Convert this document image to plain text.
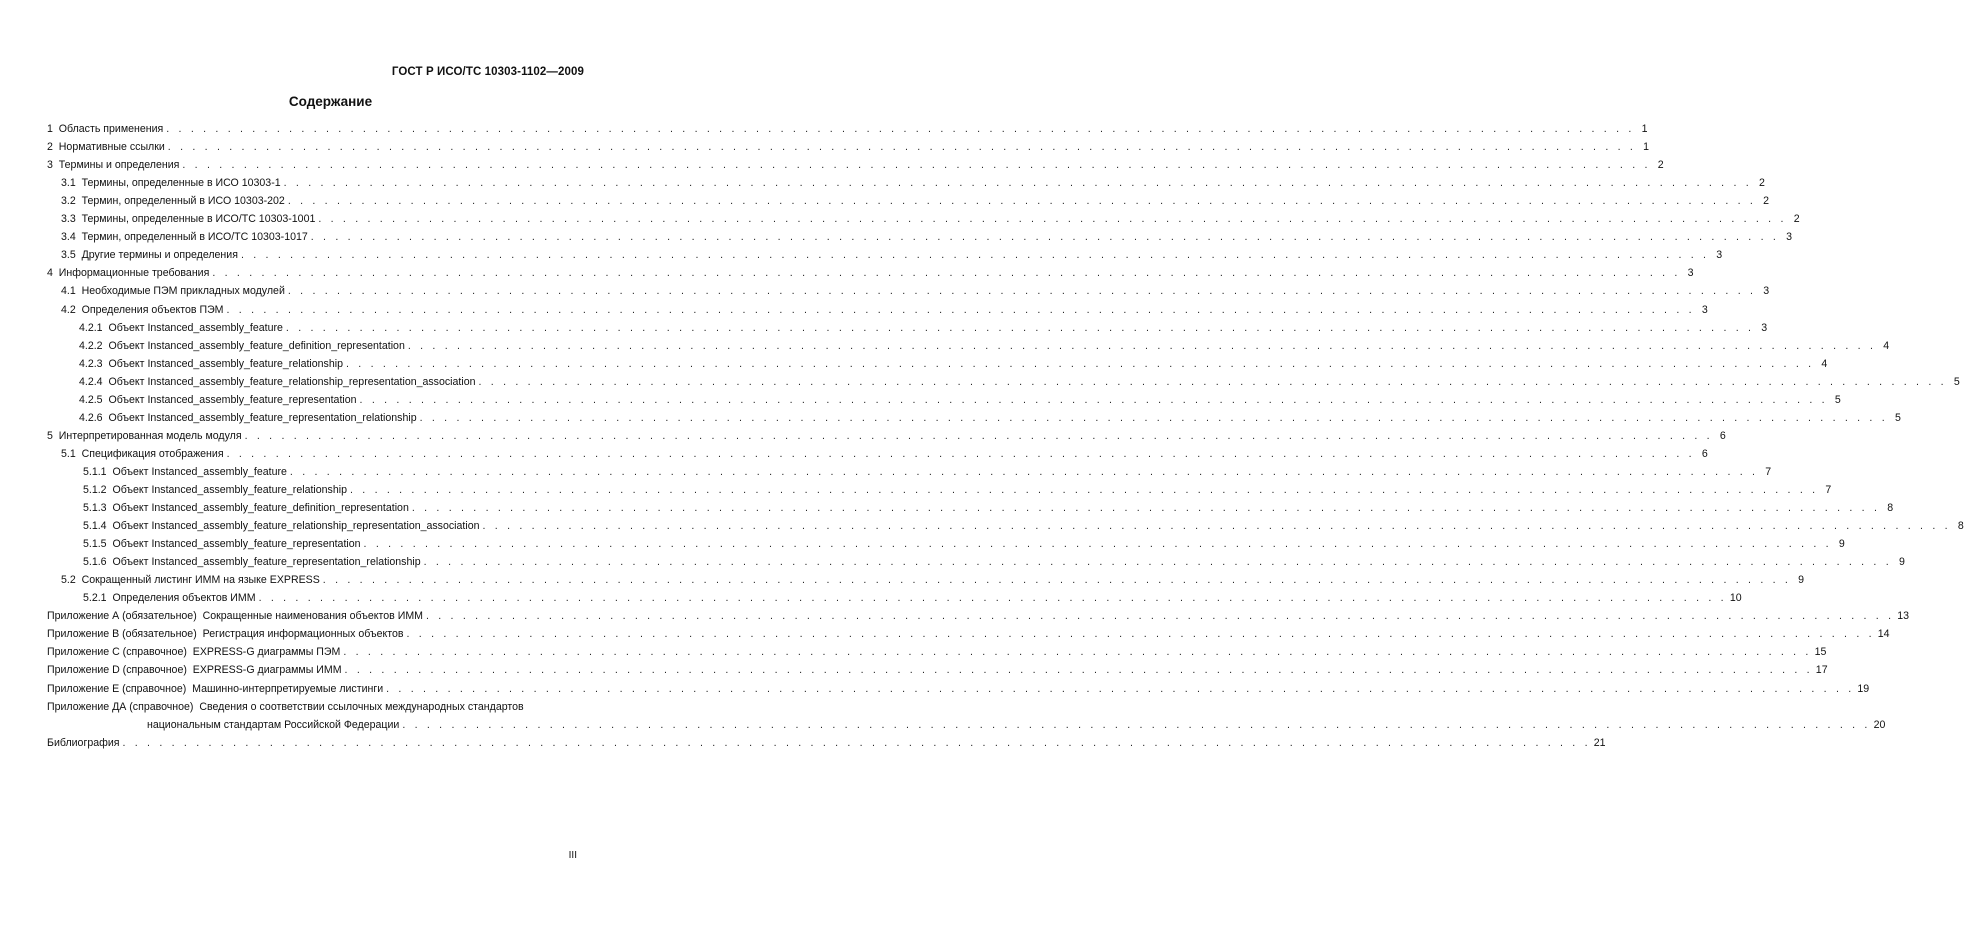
ГОСТ Р ИСО/ТС 10303-1102—2009
Содержание
1  Область применения . . . . . . . . . . . . . . . . . . . . . . . . . . . . . . . . . . . . . . . . . . . . . . . . . . . . . . . . . . . . . . . . . . . . . . . . . . . . . . . . . . . . . . . . . . . . . . . . . . . . . . . . . . . . . . . . . . . . . . . . 1
2  Нормативные ссылки . . . . . . . . . . . . . . . . . . . . . . . . . . . . . . . . . . . . . . . . . . . . . . . . . . . . . . . . . . . . . . . . . . . . . . . . . . . . . . . . . . . . . . . . . . . . . . . . . . . . . . . . . . . . . . . . . . . . . . . . 1
3  Термины и определения . . . . . . . . . . . . . . . . . . . . . . . . . . . . . . . . . . . . . . . . . . . . . . . . . . . . . . . . . . . . . . . . . . . . . . . . . . . . . . . . . . . . . . . . . . . . . . . . . . . . . . . . . . . . . . . . . . . . . . . . 2
3.1  Термины, определенные в ИСО 10303-1 . . . . . . . . . . . . . . . . . . . . . . . . . . . . . . . . . . . . . . . . . . . . . . . . . . . . . . . . . . . . . . . . . . . . . . . . . . . . . . . . . . . . . . . . . . . . . . . . . . . . . . . . . . . . . . . . . . . . . . . . 2
3.2  Термин, определенный в ИСО 10303-202 . . . . . . . . . . . . . . . . . . . . . . . . . . . . . . . . . . . . . . . . . . . . . . . . . . . . . . . . . . . . . . . . . . . . . . . . . . . . . . . . . . . . . . . . . . . . . . . . . . . . . . . . . . . . . . . . . . . . . . . . 2
3.3  Термины, определенные в ИСО/ТС 10303-1001 . . . . . . . . . . . . . . . . . . . . . . . . . . . . . . . . . . . . . . . . . . . . . . . . . . . . . . . . . . . . . . . . . . . . . . . . . . . . . . . . . . . . . . . . . . . . . . . . . . . . . . . . . . . . . . . . . . . . . . . . 2
3.4  Термин, определенный в ИСО/ТС 10303-1017 . . . . . . . . . . . . . . . . . . . . . . . . . . . . . . . . . . . . . . . . . . . . . . . . . . . . . . . . . . . . . . . . . . . . . . . . . . . . . . . . . . . . . . . . . . . . . . . . . . . . . . . . . . . . . . . . . . . . . . . . 3
3.5  Другие термины и определения . . . . . . . . . . . . . . . . . . . . . . . . . . . . . . . . . . . . . . . . . . . . . . . . . . . . . . . . . . . . . . . . . . . . . . . . . . . . . . . . . . . . . . . . . . . . . . . . . . . . . . . . . . . . . . . . . . . . . . . . 3
4  Информационные требования . . . . . . . . . . . . . . . . . . . . . . . . . . . . . . . . . . . . . . . . . . . . . . . . . . . . . . . . . . . . . . . . . . . . . . . . . . . . . . . . . . . . . . . . . . . . . . . . . . . . . . . . . . . . . . . . . . . . . . . . 3
4.1  Необходимые ПЭМ прикладных модулей . . . . . . . . . . . . . . . . . . . . . . . . . . . . . . . . . . . . . . . . . . . . . . . . . . . . . . . . . . . . . . . . . . . . . . . . . . . . . . . . . . . . . . . . . . . . . . . . . . . . . . . . . . . . . . . . . . . . . . . . 3
4.2  Определения объектов ПЭМ . . . . . . . . . . . . . . . . . . . . . . . . . . . . . . . . . . . . . . . . . . . . . . . . . . . . . . . . . . . . . . . . . . . . . . . . . . . . . . . . . . . . . . . . . . . . . . . . . . . . . . . . . . . . . . . . . . . . . . . . 3
4.2.1  Объект Instanced_assembly_feature . . . . . . . . . . . . . . . . . . . . . . . . . . . . . . . . . . . . . . . . . . . . . . . . . . . . . . . . . . . . . . . . . . . . . . . . . . . . . . . . . . . . . . . . . . . . . . . . . . . . . . . . . . . . . . . . . . . . . . . . 3
4.2.2  Объект Instanced_assembly_feature_definition_representation . . . . . . . . . . . . . . . . . . . . . . . . . . . . . . . . . . . . . . . . . . . . . . . . . . . . . . . . . . . . . . . . . . . . . . . . . . . . . . . . . . . . . . . . . . . . . . . . . . . . . . . . . . . . . . . . . . . . . . . . 4
4.2.3  Объект Instanced_assembly_feature_relationship . . . . . . . . . . . . . . . . . . . . . . . . . . . . . . . . . . . . . . . . . . . . . . . . . . . . . . . . . . . . . . . . . . . . . . . . . . . . . . . . . . . . . . . . . . . . . . . . . . . . . . . . . . . . . . . . . . . . . . . . 4
4.2.4  Объект Instanced_assembly_feature_relationship_representation_association . . . . . . . . . . . . . . . . . . . . . . . . . . . . . . . . . . . . . . . . . . . . . . . . . . . . . . . . . . . . . . . . . . . . . . . . . . . . . . . . . . . . . . . . . . . . . . . . . . . . . . . . . . . . . . . . . . . . . . . . 5
4.2.5  Объект Instanced_assembly_feature_representation . . . . . . . . . . . . . . . . . . . . . . . . . . . . . . . . . . . . . . . . . . . . . . . . . . . . . . . . . . . . . . . . . . . . . . . . . . . . . . . . . . . . . . . . . . . . . . . . . . . . . . . . . . . . . . . . . . . . . . . . 5
4.2.6  Объект Instanced_assembly_feature_representation_relationship . . . . . . . . . . . . . . . . . . . . . . . . . . . . . . . . . . . . . . . . . . . . . . . . . . . . . . . . . . . . . . . . . . . . . . . . . . . . . . . . . . . . . . . . . . . . . . . . . . . . . . . . . . . . . . . . . . . . . . . . 5
5  Интерпретированная модель модуля . . . . . . . . . . . . . . . . . . . . . . . . . . . . . . . . . . . . . . . . . . . . . . . . . . . . . . . . . . . . . . . . . . . . . . . . . . . . . . . . . . . . . . . . . . . . . . . . . . . . . . . . . . . . . . . . . . . . . . . . 6
5.1  Спецификация отображения . . . . . . . . . . . . . . . . . . . . . . . . . . . . . . . . . . . . . . . . . . . . . . . . . . . . . . . . . . . . . . . . . . . . . . . . . . . . . . . . . . . . . . . . . . . . . . . . . . . . . . . . . . . . . . . . . . . . . . . . 6
5.1.1  Объект Instanced_assembly_feature . . . . . . . . . . . . . . . . . . . . . . . . . . . . . . . . . . . . . . . . . . . . . . . . . . . . . . . . . . . . . . . . . . . . . . . . . . . . . . . . . . . . . . . . . . . . . . . . . . . . . . . . . . . . . . . . . . . . . . . . 7
5.1.2  Объект Instanced_assembly_feature_relationship . . . . . . . . . . . . . . . . . . . . . . . . . . . . . . . . . . . . . . . . . . . . . . . . . . . . . . . . . . . . . . . . . . . . . . . . . . . . . . . . . . . . . . . . . . . . . . . . . . . . . . . . . . . . . . . . . . . . . . . . 7
5.1.3  Объект Instanced_assembly_feature_definition_representation . . . . . . . . . . . . . . . . . . . . . . . . . . . . . . . . . . . . . . . . . . . . . . . . . . . . . . . . . . . . . . . . . . . . . . . . . . . . . . . . . . . . . . . . . . . . . . . . . . . . . . . . . . . . . . . . . . . . . . . . 8
5.1.4  Объект Instanced_assembly_feature_relationship_representation_association . . . . . . . . . . . . . . . . . . . . . . . . . . . . . . . . . . . . . . . . . . . . . . . . . . . . . . . . . . . . . . . . . . . . . . . . . . . . . . . . . . . . . . . . . . . . . . . . . . . . . . . . . . . . . . . . . . . . . . . . 8
5.1.5  Объект Instanced_assembly_feature_representation . . . . . . . . . . . . . . . . . . . . . . . . . . . . . . . . . . . . . . . . . . . . . . . . . . . . . . . . . . . . . . . . . . . . . . . . . . . . . . . . . . . . . . . . . . . . . . . . . . . . . . . . . . . . . . . . . . . . . . . . 9
5.1.6  Объект Instanced_assembly_feature_representation_relationship . . . . . . . . . . . . . . . . . . . . . . . . . . . . . . . . . . . . . . . . . . . . . . . . . . . . . . . . . . . . . . . . . . . . . . . . . . . . . . . . . . . . . . . . . . . . . . . . . . . . . . . . . . . . . . . . . . . . . . . . 9
5.2  Сокращенный листинг ИММ на языке EXPRESS . . . . . . . . . . . . . . . . . . . . . . . . . . . . . . . . . . . . . . . . . . . . . . . . . . . . . . . . . . . . . . . . . . . . . . . . . . . . . . . . . . . . . . . . . . . . . . . . . . . . . . . . . . . . . . . . . . . . . . . . 9
5.2.1  Определения объектов ИММ . . . . . . . . . . . . . . . . . . . . . . . . . . . . . . . . . . . . . . . . . . . . . . . . . . . . . . . . . . . . . . . . . . . . . . . . . . . . . . . . . . . . . . . . . . . . . . . . . . . . . . . . . . . . . . . . . . . . . . . . 10
Приложение А (обязательное)  Сокращенные наименования объектов ИММ . . . . . . . . . . . . . . . . . . . . . . . . . . . . . . . . . . . . . . . . . . . . . . . . . . . . . . . . . . . . . . . . . . . . . . . . . . . . . . . . . . . . . . . . . . . . . . . . . . . . . . . . . . . . . . . . . . . . . . . . 13
Приложение В (обязательное)  Регистрация информационных объектов . . . . . . . . . . . . . . . . . . . . . . . . . . . . . . . . . . . . . . . . . . . . . . . . . . . . . . . . . . . . . . . . . . . . . . . . . . . . . . . . . . . . . . . . . . . . . . . . . . . . . . . . . . . . . . . . . . . . . . . . 14
Приложение С (справочное)  EXPRESS-G диаграммы ПЭМ . . . . . . . . . . . . . . . . . . . . . . . . . . . . . . . . . . . . . . . . . . . . . . . . . . . . . . . . . . . . . . . . . . . . . . . . . . . . . . . . . . . . . . . . . . . . . . . . . . . . . . . . . . . . . . . . . . . . . . . . 15
Приложение D (справочное)  EXPRESS-G диаграммы ИММ . . . . . . . . . . . . . . . . . . . . . . . . . . . . . . . . . . . . . . . . . . . . . . . . . . . . . . . . . . . . . . . . . . . . . . . . . . . . . . . . . . . . . . . . . . . . . . . . . . . . . . . . . . . . . . . . . . . . . . . . 17
Приложение Е (справочное)  Машинно-интерпретируемые листинги . . . . . . . . . . . . . . . . . . . . . . . . . . . . . . . . . . . . . . . . . . . . . . . . . . . . . . . . . . . . . . . . . . . . . . . . . . . . . . . . . . . . . . . . . . . . . . . . . . . . . . . . . . . . . . . . . . . . . . . . 19
Приложение ДА (справочное)  Сведения о соответствии ссылочных международных стандартов
национальным стандартам Российской Федерации . . . . . . . . . . . . . . . . . . . . . . . . . . . . . . . . . . . . . . . . . . . . . . . . . . . . . . . . . . . . . . . . . . . . . . . . . . . . . . . . . . . . . . . . . . . . . . . . . . . . . . . . . . . . . . . . . . . . . . . . 20
Библиография . . . . . . . . . . . . . . . . . . . . . . . . . . . . . . . . . . . . . . . . . . . . . . . . . . . . . . . . . . . . . . . . . . . . . . . . . . . . . . . . . . . . . . . . . . . . . . . . . . . . . . . . . . . . . . . . . . . . . . . . 21
III
